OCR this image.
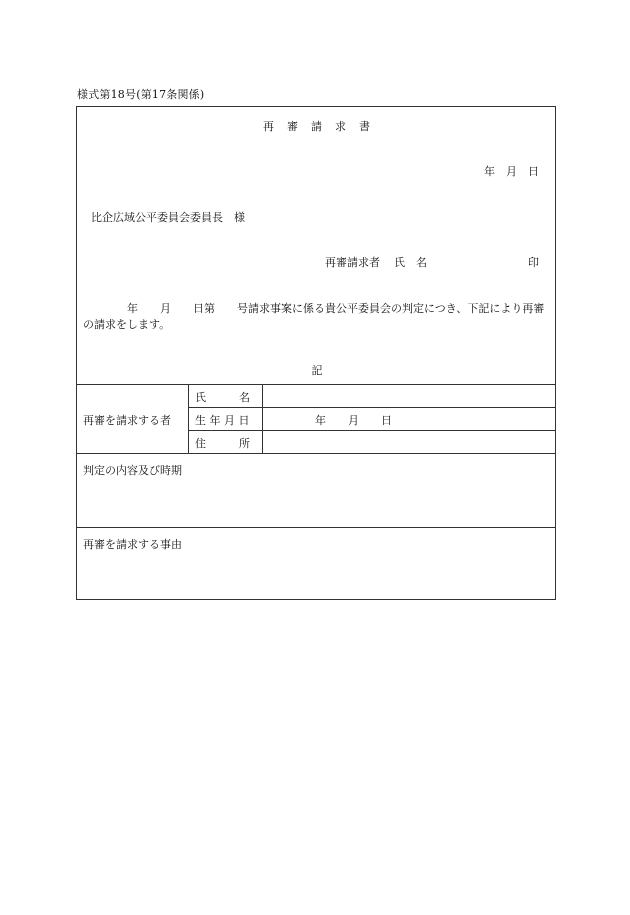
様式第18号(第17条関係)
再　審　請　求　書
年　月　日
比企広域公平委員会委員長　様
再審請求者 氏　名	印
　　　　年　　月　　日第　　号請求事案に係る貴公平委員会の判定につき、下記により再審の請求をします。
記
再審を請求する者
氏　　　名
生 年 月 日	年　　月　　日
住　　　所
判定の内容及び時期
再審を請求する事由
